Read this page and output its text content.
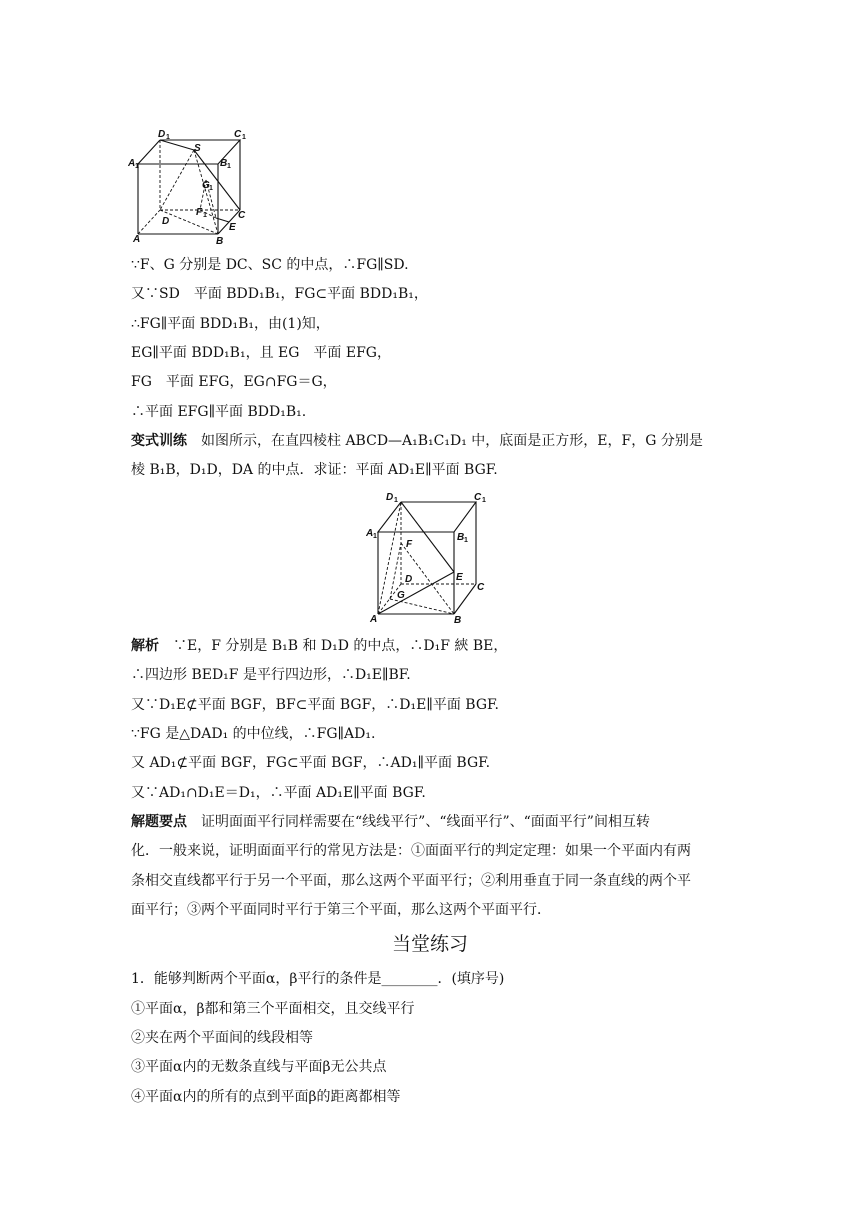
D 1	C 1
A 1	B 1
S
G 1
F 1
D
C
E
A	B
∵F、G 分别是 DC、SC 的中点，∴FG∥SD.
又∵SD　平面 BDD₁B₁，FG⊂平面 BDD₁B₁，
∴FG∥平面 BDD₁B₁，由(1)知，
EG∥平面 BDD₁B₁，且 EG　平面 EFG，
FG　平面 EFG，EG∩FG＝G，
∴平面 EFG∥平面 BDD₁B₁.
变式训练　 如图所示，在直四棱柱 ABCD—A₁B₁C₁D₁ 中，底面是正方形，E，F，G 分别是
棱 B₁B，D₁D，DA 的中点．求证：平面 AD₁E∥平面 BGF.
D 1	C 1
A 1	B 1
F
D	E
C
G
A	B
解析　 ∵E，F 分别是 B₁B 和 D₁D 的中点，∴D₁F 綊 BE，
∴四边形 BED₁F 是平行四边形，∴D₁E∥BF.
又∵D₁E⊄平面 BGF，BF⊂平面 BGF，∴D₁E∥平面 BGF.
∵FG 是△DAD₁ 的中位线，∴FG∥AD₁.
又 AD₁⊄平面 BGF，FG⊂平面 BGF，∴AD₁∥平面 BGF.
又∵AD₁∩D₁E＝D₁，∴平面 AD₁E∥平面 BGF.
解题要点　 证明面面平行同样需要在“线线平行”、“线面平行”、“面面平行”间相互转
化．一般来说，证明面面平行的常见方法是：①面面平行的判定定理：如果一个平面内有两
条相交直线都平行于另一个平面，那么这两个平面平行；②利用垂直于同一条直线的两个平
面平行；③两个平面同时平行于第三个平面，那么这两个平面平行．
当堂练习
1．能够判断两个平面α，β平行的条件是________．(填序号)
①平面α，β都和第三个平面相交，且交线平行
②夹在两个平面间的线段相等
③平面α内的无数条直线与平面β无公共点
④平面α内的所有的点到平面β的距离都相等
